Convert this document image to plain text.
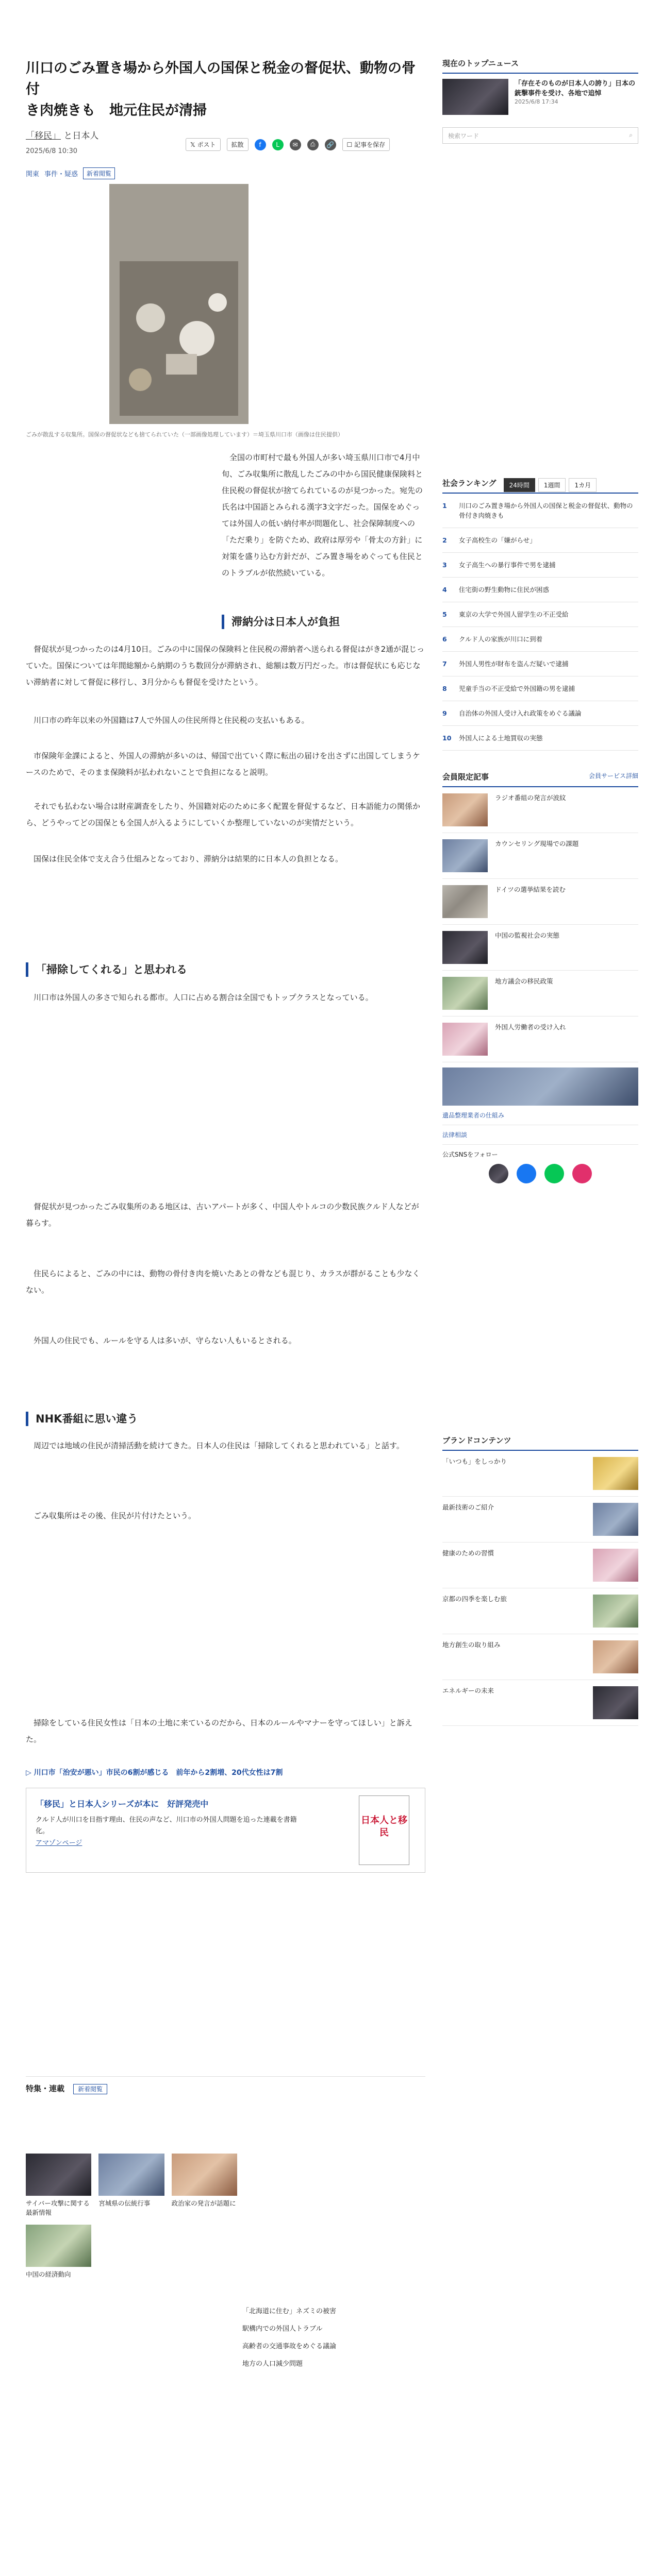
川口のごみ置き場から外国人の国保と税金の督促状、動物の骨付
き肉焼きも　地元住民が清掃
「移民」 と日本人
2025/6/8 10:30
関東 事件・疑惑	新着閲覧
𝕏 ポスト	拡散	f	L	✉	⎙	🔗	☐ 記事を保存
ごみが散乱する収集所。国保の督促状なども捨てられていた（一部画像処理しています）＝埼玉県川口市（画像は住民提供）
全国の市町村で最も外国人が多い埼玉県川口市で4月中旬、ごみ収集所に散乱したごみの中から国民健康保険料と住民税の督促状が捨てられているのが見つかった。宛先の氏名は中国語とみられる漢字3文字だった。国保をめぐっては外国人の低い納付率が問題化し、社会保障制度への「ただ乗り」を防ぐため、政府は厚労や「骨太の方針」に対策を盛り込む方針だが、ごみ置き場をめぐっても住民とのトラブルが依然続いている。
滞納分は日本人が負担
督促状が見つかったのは4月10日。ごみの中に国保の保険料と住民税の滞納者へ送られる督促はがき2通が混じっていた。国保については年間総額から納期のうち数回分が滞納され、総額は数万円だった。市は督促状にも応じない滞納者に対して督促に移行し、3月分からも督促を受けたという。
川口市の昨年以来の外国籍は7人で外国人の住民所得と住民税の支払いもある。
市保険年金課によると、外国人の滞納が多いのは、帰国で出ていく際に転出の届けを出さずに出国してしまうケースのためで、そのまま保険料が払われないことで負担になると説明。
それでも払わない場合は財産調査をしたり、外国籍対応のために多く配置を督促するなど、日本語能力の関係から、どうやってどの国保とも全国人が入るようにしていくか整理していないのが実情だという。
国保は住民全体で支え合う仕組みとなっており、滞納分は結果的に日本人の負担となる。
「掃除してくれる」と思われる
川口市は外国人の多さで知られる都市。人口に占める割合は全国でもトップクラスとなっている。
督促状が見つかったごみ収集所のある地区は、古いアパートが多く、中国人やトルコの少数民族クルド人などが暮らす。
住民らによると、ごみの中には、動物の骨付き肉を焼いたあとの骨なども混じり、カラスが群がることも少なくない。
外国人の住民でも、ルールを守る人は多いが、守らない人もいるとされる。
NHK番組に思い違う
周辺では地域の住民が清掃活動を続けてきた。日本人の住民は「掃除してくれると思われている」と話す。
ごみ収集所はその後、住民が片付けたという。
掃除をしている住民女性は「日本の土地に来ているのだから、日本のルールやマナーを守ってほしい」と訴えた。
▷ 川口市「治安が悪い」市民の6割が感じる　前年から2割増、20代女性は7割
「移民」と日本人シリーズが本に　好評発売中
クルド人が川口を目指す理由、住民の声など、川口市の外国人問題を追った連載を書籍化。
アマゾンページ
日本人と移民
現在のトップニュース
「存在そのものが日本人の誇り」日本の銃撃事件を受け、各地で追悼
2025/6/8 17:34
検索ワード	⌕
社会ランキング	24時間	1週間	1カ月
1	川口のごみ置き場から外国人の国保と税金の督促状、動物の骨付き肉焼きも
2	女子高校生の「嫌がらせ」
3	女子高生への暴行事件で男を逮捕
4	住宅街の野生動物に住民が困惑
5	東京の大学で外国人留学生の不正受給
6	クルド人の家族が川口に到着
7	外国人男性が財布を盗んだ疑いで逮捕
8	児童手当の不正受給で外国籍の男を逮捕
9	自治体の外国人受け入れ政策をめぐる議論
10 外国人による土地買収の実態
会員限定記事	会員サービス詳細
ラジオ番組の発言が波紋
カウンセリング現場での課題
ドイツの選挙結果を読む
中国の監視社会の実態
地方議会の移民政策
外国人労働者の受け入れ
遺品整理業者の仕組み
法律相談
公式SNSをフォロー
ブランドコンテンツ
「いつも」をしっかり
最新技術のご紹介
健康のための習慣
京都の四季を楽しむ旅
地方創生の取り組み
エネルギーの未来
特集・連載 新着閲覧
サイバー攻撃に関する最新情報
宮城県の伝統行事	政治家の発言が話題に
中国の経済動向
「北海道に住む」ネズミの被害
駅構内での外国人トラブル
高齢者の交通事故をめぐる議論
地方の人口減少問題
